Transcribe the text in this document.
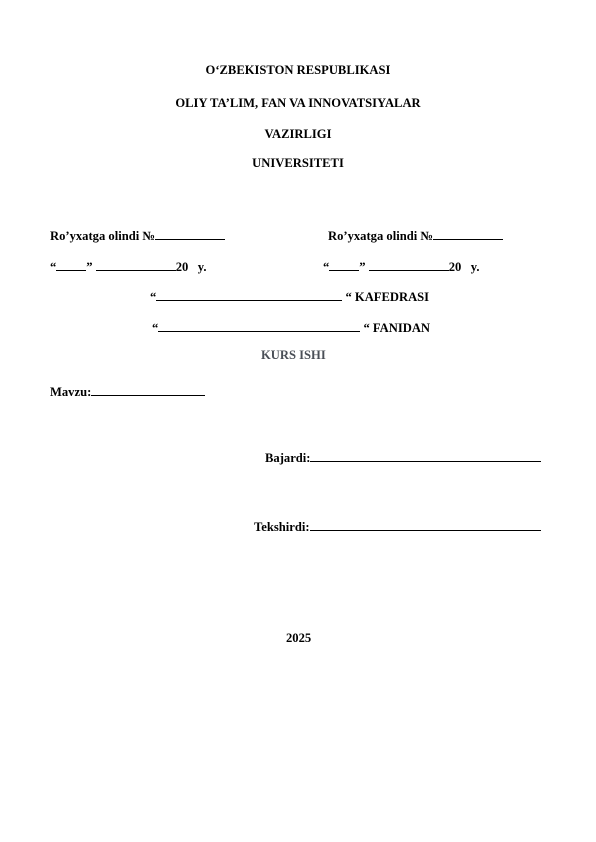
O‘ZBEKISTON RESPUBLIKASI
OLIY TA’LIM, FAN VA INNOVATSIYALAR
VAZIRLIGI
UNIVERSITETI
Ro’yxatga olindi №	Ro’yxatga olindi №
“ ”	20 y.	“ ”	20 y.
“	“ KAFEDRASI
“	“ FANIDAN
KURS ISHI
Mavzu:
Bajardi:
Tekshirdi:
2025
